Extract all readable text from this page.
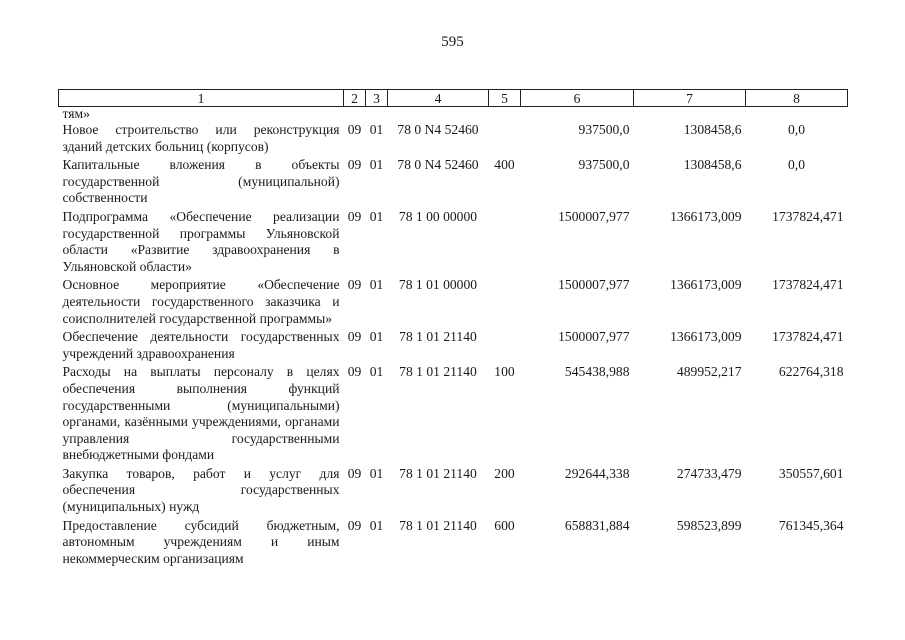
595
1	2	3	4	5	6	7	8
тям»							
Новое строительство или реконструкция зданий детских больниц (корпусов)	09	01	78 0 N4 52460		937500,0	1308458,6	0,0
Капитальные вложения в объекты государственной (муниципальной) собственности	09	01	78 0 N4 52460	400	937500,0	1308458,6	0,0
Подпрограмма «Обеспечение реализации государственной программы Ульяновской области «Развитие здравоохранения в Ульяновской области»	09	01	78 1 00 00000		1500007,977	1366173,009	1737824,471
Основное мероприятие «Обеспечение деятельности государственного заказчика и соисполнителей государственной программы»	09	01	78 1 01 00000		1500007,977	1366173,009	1737824,471
Обеспечение деятельности государственных учреждений здравоохранения	09	01	78 1 01 21140		1500007,977	1366173,009	1737824,471
Расходы на выплаты персоналу в целях обеспечения выполнения функций государственными (муниципальными) органами, казёнными учреждениями, органами управления государственными внебюджетными фондами	09	01	78 1 01 21140	100	545438,988	489952,217	622764,318
Закупка товаров, работ и услуг для обеспечения государственных (муниципальных) нужд	09	01	78 1 01 21140	200	292644,338	274733,479	350557,601
Предоставление субсидий бюджетным, автономным учреждениям и иным некоммерческим организациям	09	01	78 1 01 21140	600	658831,884	598523,899	761345,364
